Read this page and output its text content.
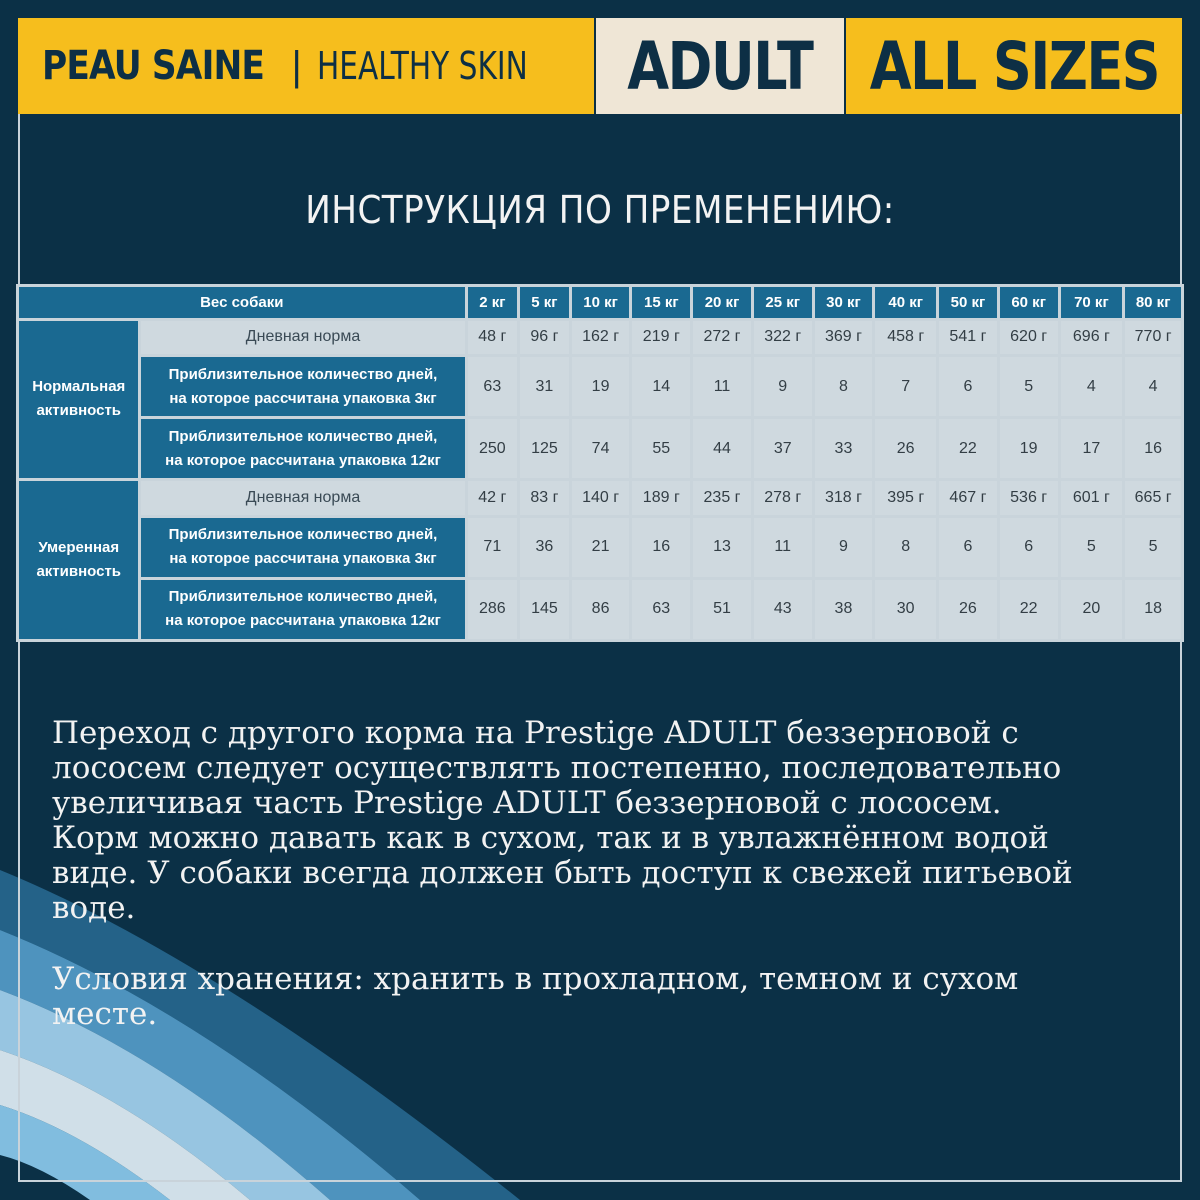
PEAU SAINE | HEALTHY SKIN ADULT ALL SIZES
ИНСТРУКЦИЯ ПО ПРЕМЕНЕНИЮ:
Вес собаки		2 кг	5 кг	10 кг	15 кг	20 кг	25 кг	30 кг	40 кг	50 кг	60 кг	70 кг	80 кг

Нормальная
активность	Дневная норма	48 г	96 г	162 г	219 г	272 г	322 г	369 г	458 г	541 г	620 г	696 г	770 г

	Приблизительное количество дней,
на которое рассчитана упаковка 3кг	63	31	19	14	11	9	8	7	6	5	4	4

	Приблизительное количество дней,
на которое рассчитана упаковка 12кг	250	125	74	55	44	37	33	26	22	19	17	16

Умеренная
активность	Дневная норма	42 г	83 г	140 г	189 г	235 г	278 г	318 г	395 г	467 г	536 г	601 г	665 г

	Приблизительное количество дней,
на которое рассчитана упаковка 3кг	71	36	21	16	13	11	9	8	6	6	5	5

	Приблизительное количество дней,
на которое рассчитана упаковка 12кг	286	145	86	63	51	43	38	30	26	22	20	18

Переход с другого корма на Prestige ADULT беззерновой с
лососем следует осуществлять постепенно, последовательно
увеличивая часть Prestige ADULT беззерновой с лососем.
Корм можно давать как в сухом, так и в увлажнённом водой
виде. У собаки всегда должен быть доступ к свежей питьевой
воде.

Условия хранения: хранить в прохладном, темном и сухом
месте.
